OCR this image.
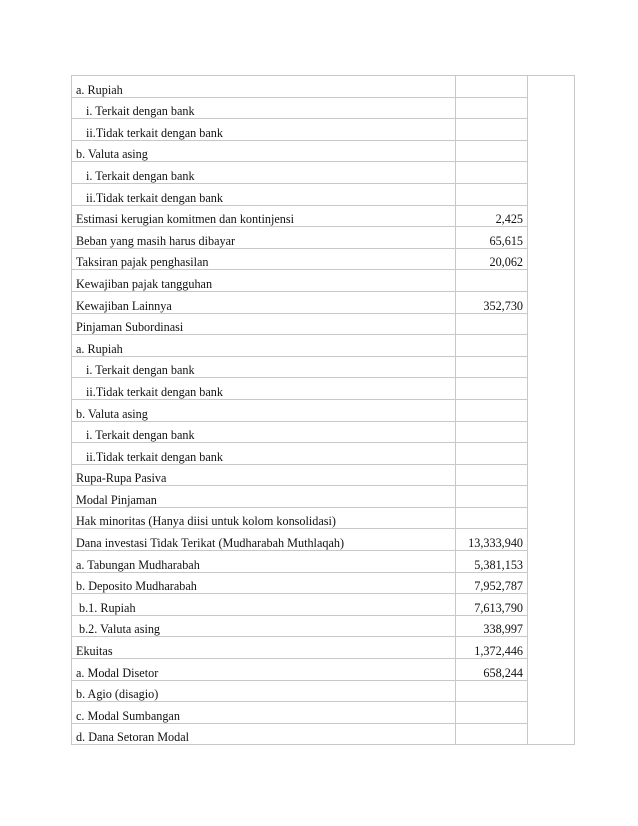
a. Rupiah		
i. Terkait dengan bank		
ii.Tidak terkait dengan bank		
b. Valuta asing		
i. Terkait dengan bank		
ii.Tidak terkait dengan bank		
Estimasi kerugian komitmen dan kontinjensi	2,425	
Beban yang masih harus dibayar	65,615	
Taksiran pajak penghasilan	20,062	
Kewajiban pajak tangguhan		
Kewajiban Lainnya	352,730	
Pinjaman Subordinasi		
a. Rupiah		
i. Terkait dengan bank		
ii.Tidak terkait dengan bank		
b. Valuta asing		
i. Terkait dengan bank		
ii.Tidak terkait dengan bank		
Rupa-Rupa Pasiva		
Modal Pinjaman		
Hak minoritas (Hanya diisi untuk kolom konsolidasi)		
Dana investasi Tidak Terikat (Mudharabah Muthlaqah)	13,333,940	
a. Tabungan Mudharabah	5,381,153	
b. Deposito Mudharabah	7,952,787	
b.1. Rupiah	7,613,790	
b.2. Valuta asing	338,997	
Ekuitas	1,372,446	
a. Modal Disetor	658,244	
b. Agio (disagio)		
c. Modal Sumbangan		
d. Dana Setoran Modal		
